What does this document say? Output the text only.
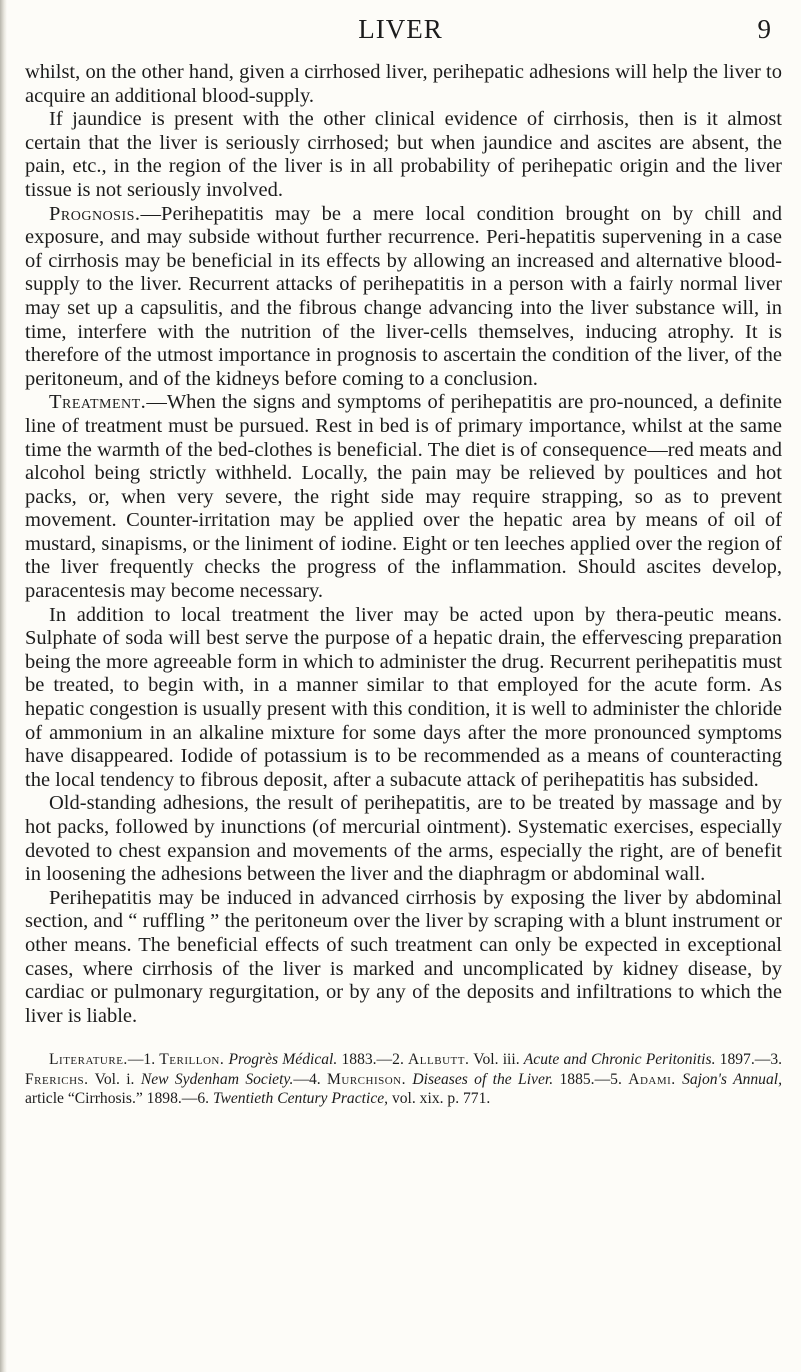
LIVER	9

whilst, on the other hand, given a cirrhosed liver, perihepatic adhesions will help the liver to acquire an additional blood-supply.

If jaundice is present with the other clinical evidence of cirrhosis, then is it almost certain that the liver is seriously cirrhosed; but when jaundice and ascites are absent, the pain, etc., in the region of the liver is in all probability of perihepatic origin and the liver tissue is not seriously involved.

Prognosis.—Perihepatitis may be a mere local condition brought on by chill and exposure, and may subside without further recurrence. Peri-hepatitis supervening in a case of cirrhosis may be beneficial in its effects by allowing an increased and alternative blood-supply to the liver. Recurrent attacks of perihepatitis in a person with a fairly normal liver may set up a capsulitis, and the fibrous change advancing into the liver substance will, in time, interfere with the nutrition of the liver-cells themselves, inducing atrophy. It is therefore of the utmost importance in prognosis to ascertain the condition of the liver, of the peritoneum, and of the kidneys before coming to a conclusion.

Treatment.—When the signs and symptoms of perihepatitis are pro-nounced, a definite line of treatment must be pursued. Rest in bed is of primary importance, whilst at the same time the warmth of the bed-clothes is beneficial. The diet is of consequence—red meats and alcohol being strictly withheld. Locally, the pain may be relieved by poultices and hot packs, or, when very severe, the right side may require strapping, so as to prevent movement. Counter-irritation may be applied over the hepatic area by means of oil of mustard, sinapisms, or the liniment of iodine. Eight or ten leeches applied over the region of the liver frequently checks the progress of the inflammation. Should ascites develop, paracentesis may become necessary.

In addition to local treatment the liver may be acted upon by thera-peutic means. Sulphate of soda will best serve the purpose of a hepatic drain, the effervescing preparation being the more agreeable form in which to administer the drug. Recurrent perihepatitis must be treated, to begin with, in a manner similar to that employed for the acute form. As hepatic congestion is usually present with this condition, it is well to administer the chloride of ammonium in an alkaline mixture for some days after the more pronounced symptoms have disappeared. Iodide of potassium is to be recommended as a means of counteracting the local tendency to fibrous deposit, after a subacute attack of perihepatitis has subsided.

Old-standing adhesions, the result of perihepatitis, are to be treated by massage and by hot packs, followed by inunctions (of mercurial ointment). Systematic exercises, especially devoted to chest expansion and movements of the arms, especially the right, are of benefit in loosening the adhesions between the liver and the diaphragm or abdominal wall.

Perihepatitis may be induced in advanced cirrhosis by exposing the liver by abdominal section, and “ ruffling ” the peritoneum over the liver by scraping with a blunt instrument or other means. The beneficial effects of such treatment can only be expected in exceptional cases, where cirrhosis of the liver is marked and uncomplicated by kidney disease, by cardiac or pulmonary regurgitation, or by any of the deposits and infiltrations to which the liver is liable.

Literature.—1. Terillon. Progrès Médical. 1883.—2. Allbutt. Vol. iii. Acute and Chronic Peritonitis. 1897.—3. Frerichs. Vol. i. New Sydenham Society.—4. Murchison. Diseases of the Liver. 1885.—5. Adami. Sajon's Annual, article “Cirrhosis.” 1898.—6. Twentieth Century Practice, vol. xix. p. 771.
